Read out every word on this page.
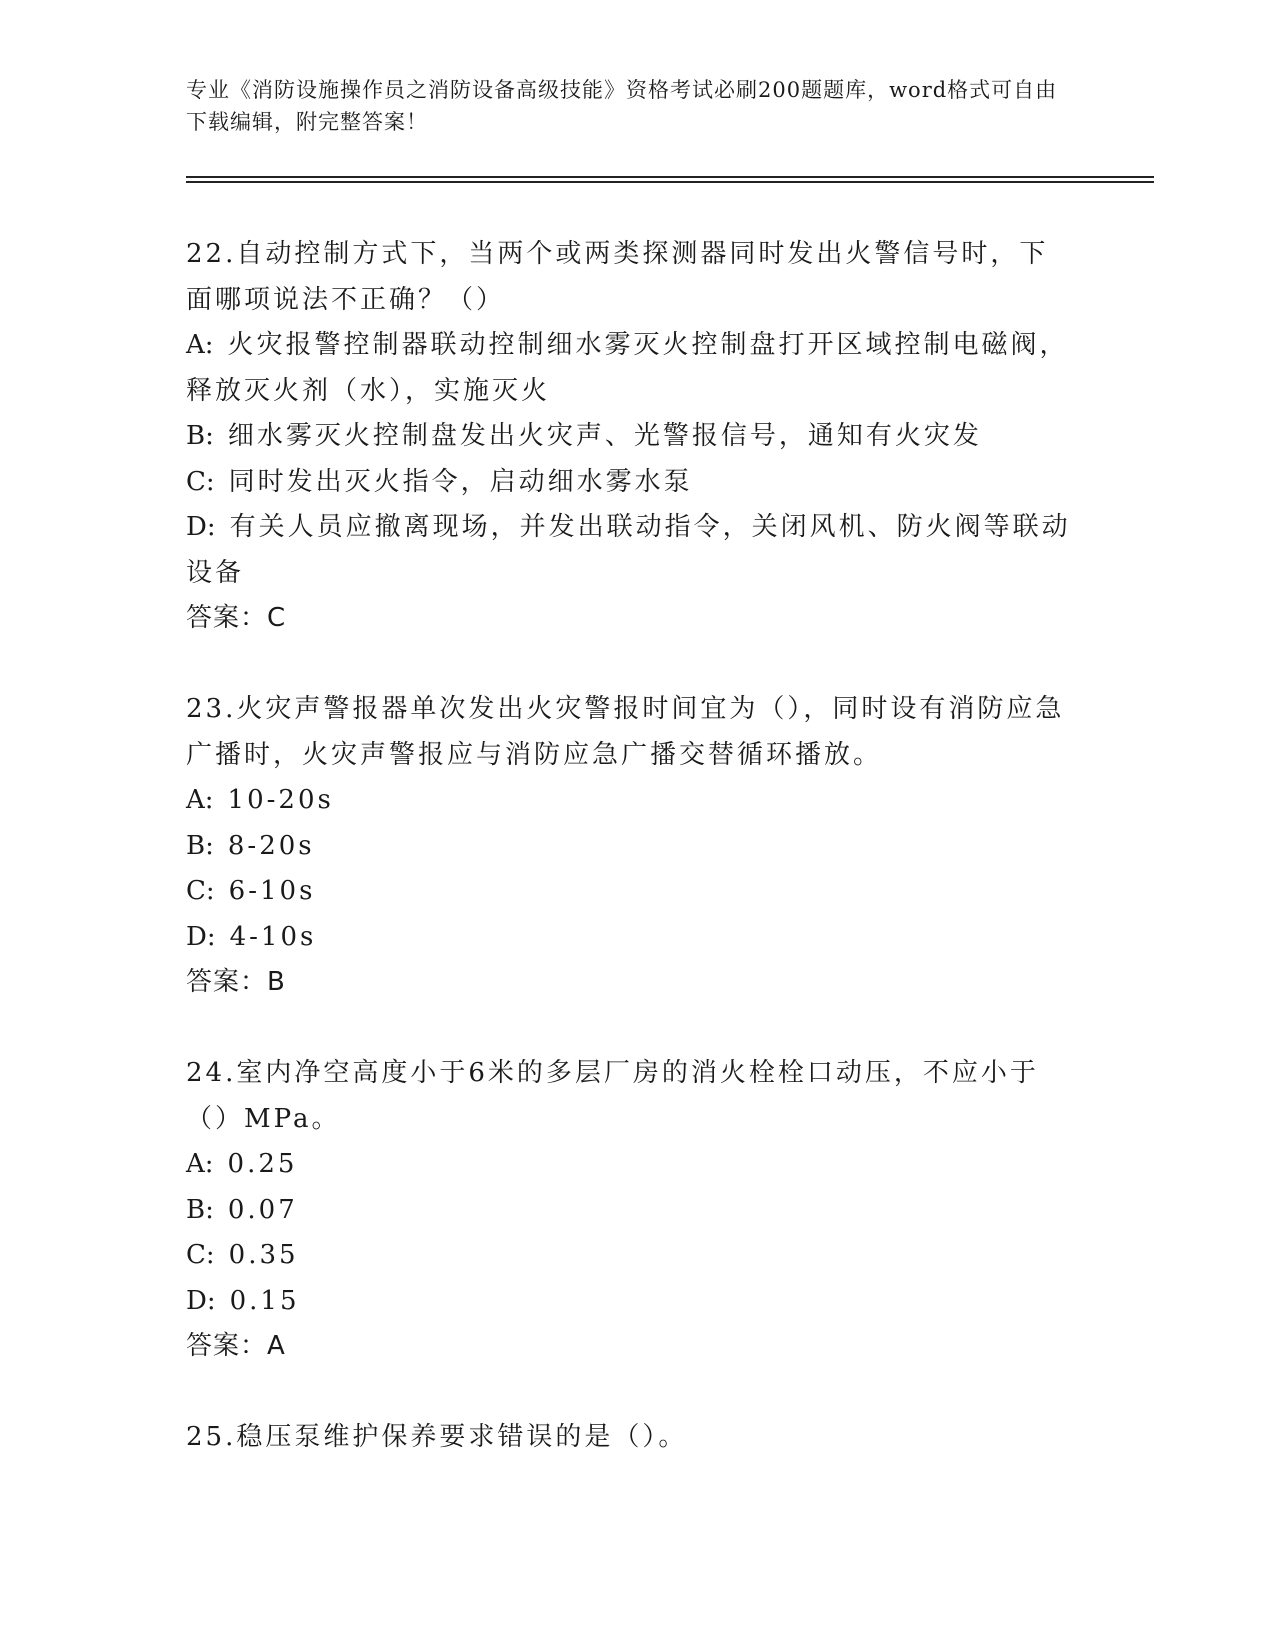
专业《消防设施操作员之消防设备高级技能》资格考试必刷200题题库，word格式可自由下载编辑，附完整答案！

22.自动控制方式下，当两个或两类探测器同时发出火警信号时，下面哪项说法不正确？（）

A: 火灾报警控制器联动控制细水雾灭火控制盘打开区域控制电磁阀，释放灭火剂（水），实施灭火

B: 细水雾灭火控制盘发出火灾声、光警报信号，通知有火灾发

C: 同时发出灭火指令，启动细水雾水泵

D: 有关人员应撤离现场，并发出联动指令，关闭风机、防火阀等联动设备

答案：C

23.火灾声警报器单次发出火灾警报时间宜为（），同时设有消防应急广播时，火灾声警报应与消防应急广播交替循环播放。

A: 10-20s

B: 8-20s

C: 6-10s

D: 4-10s

答案：B

24.室内净空高度小于6米的多层厂房的消火栓栓口动压，不应小于（）MPa。

A: 0.25

B: 0.07

C: 0.35

D: 0.15

答案：A

25.稳压泵维护保养要求错误的是（）。
